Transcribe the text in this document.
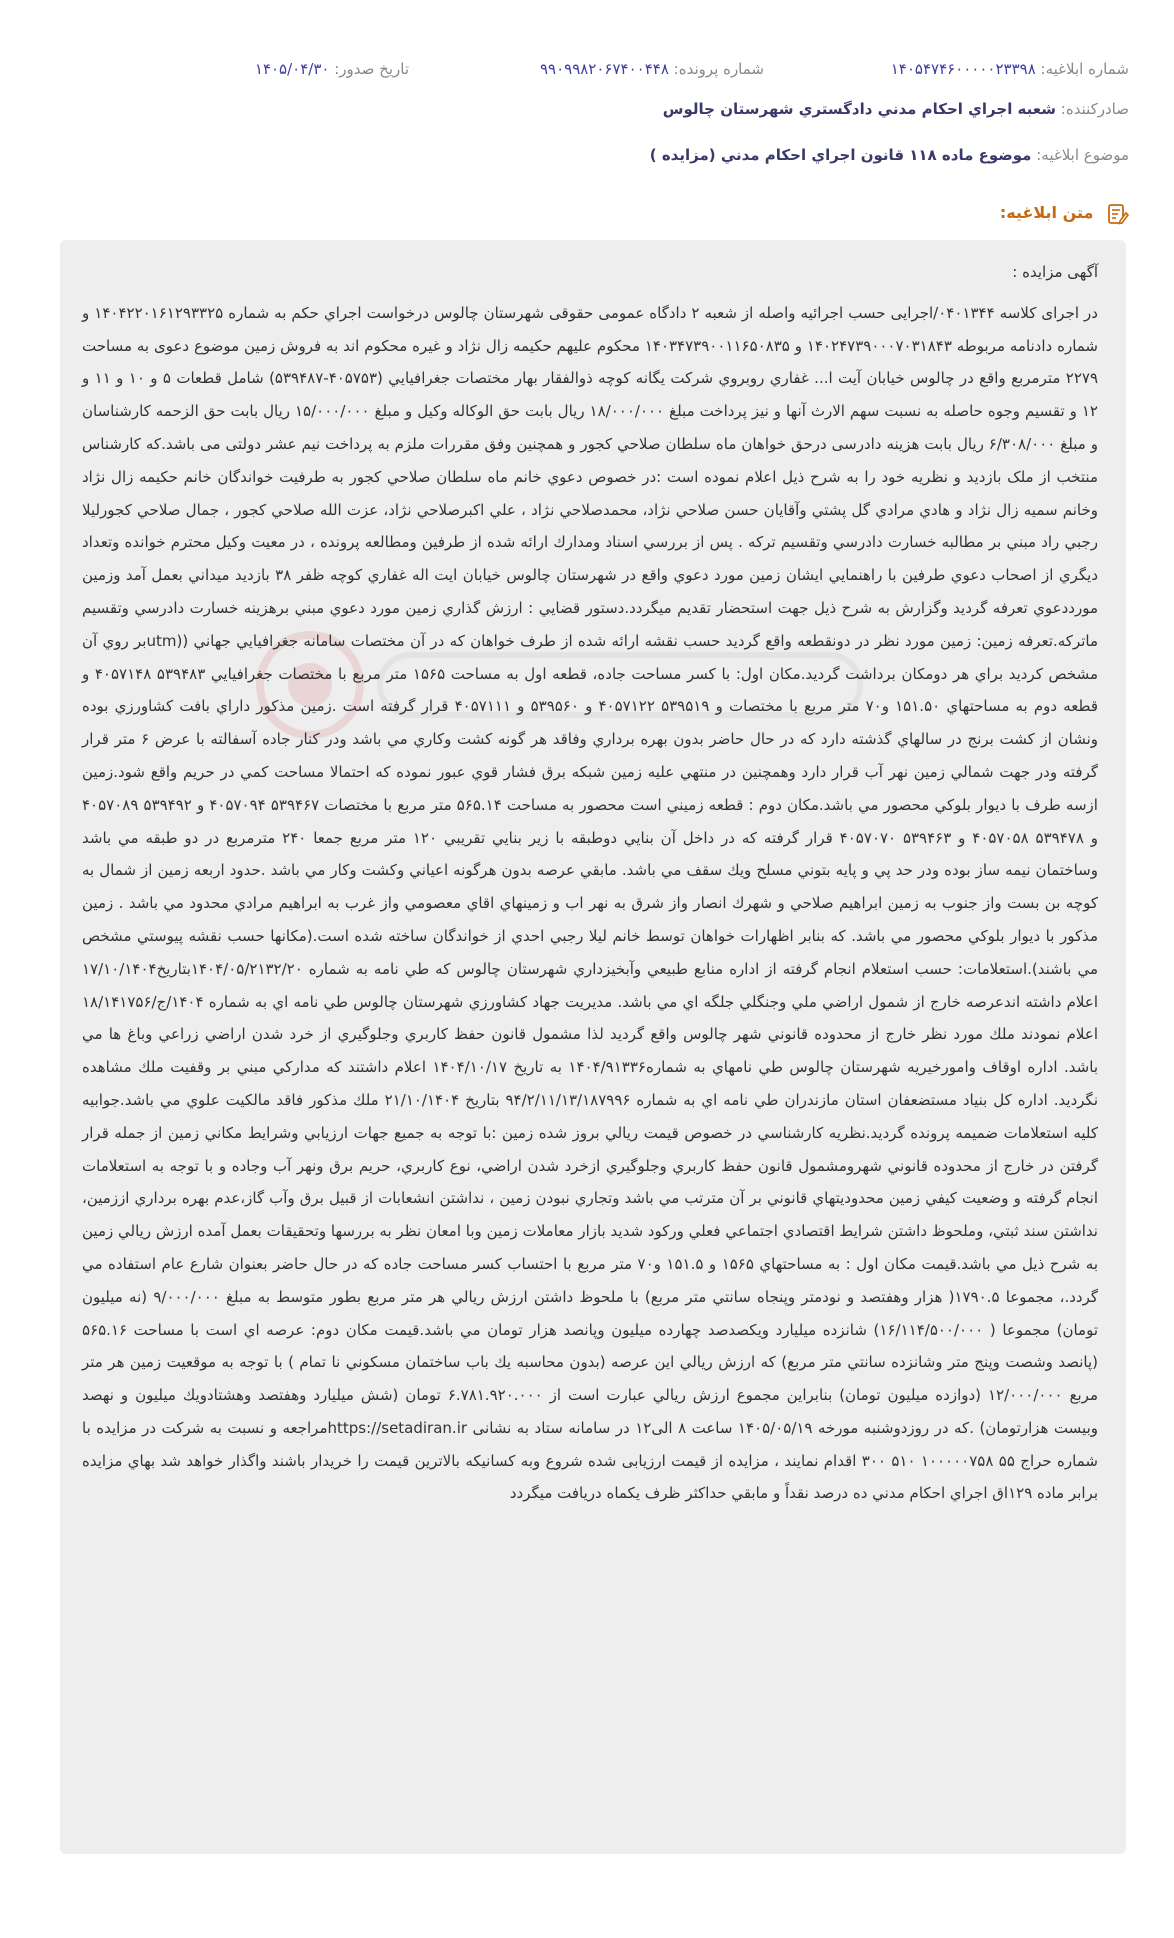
شماره ابلاغيه: ۱۴۰۵۴۷۴۶۰۰۰۰۰۲۳۳۹۸
شماره پرونده: ۹۹۰۹۹۸۲۰۶۷۴۰۰۴۴۸
تاريخ صدور: ۱۴۰۵/۰۴/۳۰
صادرکننده: شعبه اجراي احکام مدني دادگستري شهرستان چالوس
موضوع ابلاغيه: موضوع ماده ۱۱۸ قانون اجراي احکام مدني (مزايده )
متن ابلاغيه:

آگهی مزایده :

در اجرای کلاسه ۰۴۰۱۳۴۴/اجرایی حسب اجرائیه واصله از شعبه ۲ دادگاه عمومی حقوقی شهرستان چالوس درخواست اجراي حکم به شماره ۱۴۰۴۲۲۰۱۶۱۲۹۳۳۲۵ و شماره دادنامه مربوطه ۱۴۰۲۴۷۳۹۰۰۰۷۰۳۱۸۴۳ و ۱۴۰۳۴۷۳۹۰۰۱۱۶۵۰۸۳۵ محکوم علیهم حکیمه زال نژاد و غیره محکوم اند به فروش زمین موضوع دعوی به مساحت ۲۲۷۹ مترمربع واقع در چالوس خیابان آیت ا... غفاري روبروي شرکت يگانه کوچه ذوالفقار بهار مختصات جغرافيايي (۴۰۵۷۵۳-۵۳۹۴۸۷) شامل قطعات ۵ و ۱۰ و ۱۱ و ۱۲ و تقسیم وجوه حاصله به نسبت سهم الارث آنها و نیز پرداخت مبلغ ۱۸/۰۰۰/۰۰۰ ریال بابت حق الوکاله وکیل و مبلغ ۱۵/۰۰۰/۰۰۰ ریال بابت حق الزحمه کارشناسان و مبلغ ۶/۳۰۸/۰۰۰ ریال بابت هزینه دادرسی درحق خواهان ماه سلطان صلاحي کجور و همچنین وفق مقررات ملزم به پرداخت نیم عشر دولتی می باشد.که کارشناس منتخب از ملک بازدید و نظریه خود را به شرح ذیل اعلام نموده است :در خصوص دعوي خانم ماه سلطان صلاحي کجور به طرفيت خواندگان خانم حکيمه زال نژاد وخانم سميه زال نژاد و هادي مرادي گل پشتي وآقايان حسن صلاحي نژاد، محمدصلاحي نژاد ، علي اکبرصلاحي نژاد، عزت الله صلاحي کجور ، جمال صلاحي کجورليلا رجبي راد مبني بر مطالبه خسارت دادرسي وتقسيم ترکه . پس از بررسي اسناد ومدارك ارائه شده از طرفين ومطالعه پرونده ، در معيت وکيل محترم خوانده وتعداد ديگري از اصحاب دعوي طرفين با راهنمايي ايشان زمين مورد دعوي واقع در شهرستان چالوس خيابان ايت اله غفاري کوچه ظفر ۳۸ بازديد ميداني بعمل آمد وزمين مورددعوي تعرفه گرديد وگزارش به شرح ذيل جهت استحضار تقديم ميگردد.دستور قضايي : ارزش گذاري زمين مورد دعوي مبني برهزينه خسارت دادرسي وتقسيم ماترکه.تعرفه زمين: زمين مورد نظر در دونقطعه واقع گرديد حسب نقشه ارائه شده از طرف خواهان که در آن مختصات سامانه جغرافيايي جهاني ((utmبر روي آن مشخص کرديد براي هر دومکان برداشت گرديد.مکان اول: با کسر مساحت جاده، قطعه اول به مساحت ۱۵۶۵ متر مربع با مختصات جغرافيايي ۵۳۹۴۸۳ ۴۰۵۷۱۴۸ و قطعه دوم به مساحتهاي ۱۵۱.۵۰ و۷۰ متر مربع با مختصات و ۵۳۹۵۱۹ ۴۰۵۷۱۲۲ و ۵۳۹۵۶۰ و ۴۰۵۷۱۱۱ قرار گرفته است .زمين مذکور داراي بافت کشاورزي بوده ونشان از کشت برنج در سالهاي گذشته دارد که در حال حاضر بدون بهره برداري وفاقد هر گونه کشت وکاري مي باشد ودر کنار جاده آسفالته با عرض ۶ متر قرار گرفته ودر جهت شمالي زمين نهر آب قرار دارد وهمچنين در منتهي عليه زمين شبکه برق فشار قوي عبور نموده که احتمالا مساحت کمي در حريم واقع شود.زمين ازسه طرف با ديوار بلوکي محصور مي باشد.مکان دوم : قطعه زميني است محصور به مساحت ۵۶۵.۱۴ متر مربع با مختصات ۵۳۹۴۶۷ ۴۰۵۷۰۹۴ و ۵۳۹۴۹۲ ۴۰۵۷۰۸۹ و ۵۳۹۴۷۸ ۴۰۵۷۰۵۸ و ۵۳۹۴۶۳ ۴۰۵۷۰۷۰ قرار گرفته که در داخل آن بنايي دوطبقه با زير بنايي تقريبي ۱۲۰ متر مربع جمعا ۲۴۰ مترمربع در دو طبقه مي باشد وساختمان نيمه ساز بوده ودر حد پي و پايه بتوني مسلح ويك سقف مي باشد. مابقي عرصه بدون هرگونه اعياني وکشت وکار مي باشد .حدود اربعه زمين از شمال به کوچه بن بست واز جنوب به زمين ابراهيم صلاحي و شهرك انصار واز شرق به نهر اب و زمينهاي اقاي معصومي واز غرب به ابراهيم مرادي محدود مي باشد . زمين مذکور با ديوار بلوکي محصور مي باشد. که بنابر اظهارات خواهان توسط خانم ليلا رجبي احدي از خواندگان ساخته شده است.(مکانها حسب نقشه پيوستي مشخص مي باشند).استعلامات: حسب استعلام انجام گرفته از اداره منابع طبيعي وآبخيزداري شهرستان چالوس که طي نامه به شماره ۱۴۰۴/۰۵/۲۱۳۲/۲۰بتاريخ۱۷/۱۰/۱۴۰۴ اعلام داشته اندعرصه خارج از شمول اراضي ملي وجنگلي جلگه اي مي باشد. مديريت جهاد کشاورزي شهرستان چالوس طي نامه اي به شماره ۱۴۰۴/ج/۱۸/۱۴۱۷۵۶ اعلام نمودند ملك مورد نظر خارج از محدوده قانوني شهر چالوس واقع گرديد لذا مشمول قانون حفظ کاربري وجلوگيري از خرد شدن اراضي زراعي وباغ ها مي باشد. اداره اوقاف وامورخيريه شهرستان چالوس طي نامهاي به شماره۱۴۰۴/۹۱۳۳۶ به تاريخ ۱۴۰۴/۱۰/۱۷ اعلام داشتند که مدارکي مبني بر وقفيت ملك مشاهده نگرديد. اداره کل بنياد مستضعفان استان مازندران طي نامه اي به شماره ۹۴/۲/۱۱/۱۳/۱۸۷۹۹۶ بتاريخ ۲۱/۱۰/۱۴۰۴ ملك مذکور فاقد مالکيت علوي مي باشد.جوابيه کليه استعلامات ضميمه پرونده گرديد.نظريه کارشناسي در خصوص قيمت ريالي بروز شده زمين :با توجه به جميع جهات ارزيابي وشرايط مکاني زمين از جمله قرار گرفتن در خارج از محدوده قانوني شهرومشمول قانون حفظ کاربري وجلوگيري ازخرد شدن اراضي، نوع کاربري، حريم برق ونهر آب وجاده و با توجه به استعلامات انجام گرفته و وضعيت کيفي زمين محدوديتهاي قانوني بر آن مترتب مي باشد وتجاري نبودن زمين ، نداشتن انشعابات از قبيل برق وآب گاز،عدم بهره برداري اززمين، نداشتن سند ثبتي، وملحوظ داشتن شرايط اقتصادي اجتماعي فعلي ورکود شديد بازار معاملات زمين وبا امعان نظر به بررسها وتحقيقات بعمل آمده ارزش ريالي زمين به شرح ذيل مي باشد.قيمت مکان اول : به مساحتهاي ۱۵۶۵ و ۱۵۱.۵ و۷۰ متر مربع با احتساب کسر مساحت جاده که در حال حاضر بعنوان شارع عام استفاده مي گردد.، مجموعا ۱۷۹۰.۵( هزار وهفتصد و نودمتر وپنجاه سانتي متر مربع) با ملحوظ داشتن ارزش ريالي هر متر مربع بطور متوسط به مبلغ ۹/۰۰۰/۰۰۰ (نه ميليون تومان) مجموعا ( ۱۶/۱۱۴/۵۰۰/۰۰۰) شانزده ميليارد ويکصدصد چهارده ميليون وپانصد هزار تومان مي باشد.قيمت مکان دوم: عرصه اي است با مساحت ۵۶۵.۱۶ (پانصد وشصت وپنج متر وشانزده سانتي متر مربع) که ارزش ريالي اين عرصه (بدون محاسبه يك باب ساختمان مسکوني نا تمام ) با توجه به موقعيت زمين هر متر مربع ۱۲/۰۰۰/۰۰۰ (دوازده ميليون تومان) بنابراين مجموع ارزش ريالي عبارت است از ۶.۷۸۱.۹۲۰.۰۰۰ تومان (شش ميليارد وهفتصد وهشتادويك ميليون و نهصد وبيست هزارتومان) .که در روزدوشنبه مورخه ۱۴۰۵/۰۵/۱۹ ساعت ۸ الی۱۲ در سامانه ستاد به نشانی https://setadiran.irمراجعه و نسبت به شرکت در مزایده با شماره حراج ۵۵ ۱۰۰۰۰۰۷۵۸ ۵۱۰ ۳۰۰ اقدام نمایند ، مزایده از قیمت ارزیابی شده شروع وبه کسانیکه بالاترین قیمت را خریدار باشند واگذار خواهد شد بهاي مزايده برابر ماده ۱۲۹اق اجراي احکام مدني ده درصد نقداً و مابقي حداکثر ظرف يكماه دريافت ميگردد
